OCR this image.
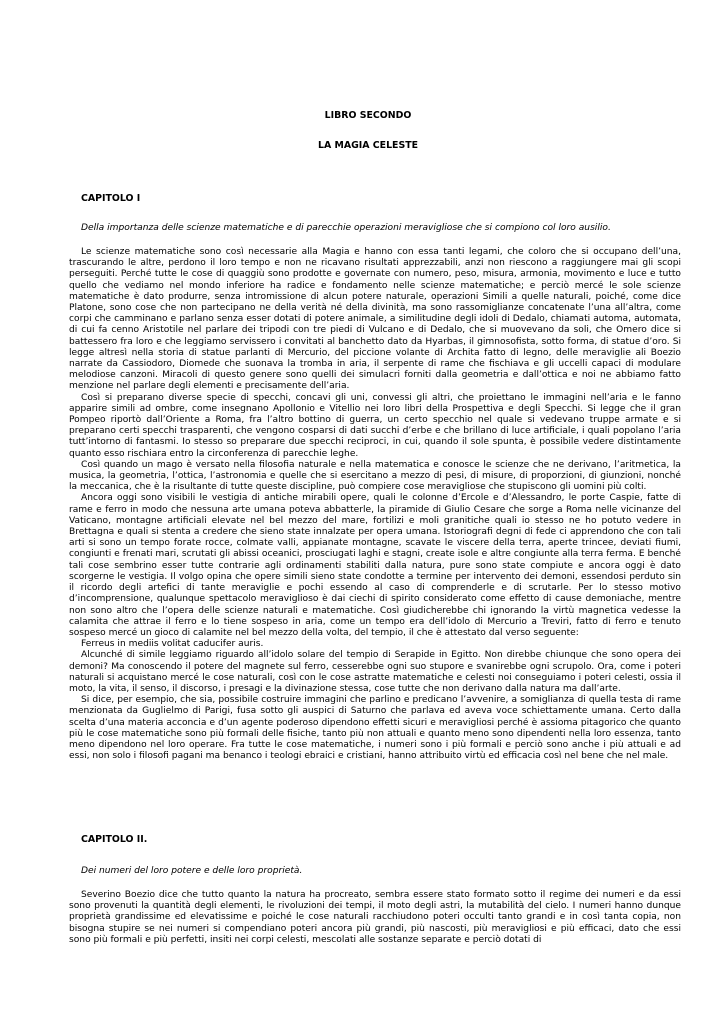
LIBRO SECONDO
LA MAGIA CELESTE
CAPITOLO I
Della importanza delle scienze matematiche e di parecchie operazioni meravigliose che si compiono col loro ausilio.

Le scienze matematiche sono così necessarie alla Magia e hanno con essa tanti legami, che coloro che si occupano dell’una, trascurando le altre, perdono il loro tempo e non ne ricavano risultati apprezzabili, anzi non riescono a raggiungere mai gli scopi perseguiti. Perché tutte le cose di quaggiù sono prodotte e governate con numero, peso, misura, armonia, movimento e luce e tutto quello che vediamo nel mondo inferiore ha radice e fondamento nelle scienze matematiche; e perciò mercé le sole scienze matematiche è dato produrre, senza intromissione di alcun potere naturale, operazioni Simili a quelle naturali, poiché, come dice Platone, sono cose che non partecipano ne della verità né della divinità, ma sono rassomiglianze concatenate l’una all’altra, come corpi che camminano e parlano senza esser dotati di potere animale, a similitudine degli idoli di Dedalo, chiamati automa, automata, di cui fa cenno Aristotile nel parlare dei tripodi con tre piedi di Vulcano e di Dedalo, che si muovevano da soli, che Omero dice si battessero fra loro e che leggiamo servissero i convitati al banchetto dato da Hyarbas, il gimnosofista, sotto forma, di statue d’oro. Si legge altresì nella storia di statue parlanti di Mercurio, del piccione volante di Archita fatto di legno, delle meraviglie ali Boezio narrate da Cassiodoro, Diomede che suonava la tromba in aria, il serpente di rame che fischiava e gli uccelli capaci di modulare melodiose canzoni. Miracoli di questo genere sono quelli dei simulacri forniti dalla geometria e dall’ottica e noi ne abbiamo fatto menzione nel parlare degli elementi e precisamente dell’aria.

Così si preparano diverse specie di specchi, concavi gli uni, convessi gli altri, che proiettano le immagini nell’aria e le fanno apparire simili ad ombre, come insegnano Apollonio e Vitellio nei loro libri della Prospettiva e degli Specchi. Si legge che il gran Pompeo riportò dall’Oriente a Roma, fra l’altro bottino di guerra, un certo specchio nel quale si vedevano truppe armate e si preparano certi specchi trasparenti, che vengono cosparsi di dati succhi d’erbe e che brillano di luce artificiale, i quali popolano l’aria tutt’intorno di fantasmi. Io stesso so preparare due specchi reciproci, in cui, quando il sole spunta, è possibile vedere distintamente quanto esso rischiara entro la circonferenza di parecchie leghe.

Così quando un mago è versato nella filosofia naturale e nella matematica e conosce le scienze che ne derivano, l’aritmetica, la musica, la geometria, l’ottica, l’astronomia e quelle che si esercitano a mezzo di pesi, di misure, di proporzioni, di giunzioni, nonché la meccanica, che è la risultante di tutte queste discipline, può compiere cose meravigliose che stupiscono gli uomini più colti.

Ancora oggi sono visibili le vestigia di antiche mirabili opere, quali le colonne d’Ercole e d’Alessandro, le porte Caspie, fatte di rame e ferro in modo che nessuna arte umana poteva abbatterle, la piramide di Giulio Cesare che sorge a Roma nelle vicinanze del Vaticano, montagne artificiali elevate nel bel mezzo del mare, fortilizi e moli granitiche quali io stesso ne ho potuto vedere in Brettagna e quali si stenta a credere che sieno state innalzate per opera umana. Istoriografi degni di fede ci apprendono che con tali arti si sono un tempo forate rocce, colmate valli, appianate montagne, scavate le viscere della terra, aperte trincee, deviati fiumi, congiunti e frenati mari, scrutati gli abissi oceanici, prosciugati laghi e stagni, create isole e altre congiunte alla terra ferma. E benché tali cose sembrino esser tutte contrarie agli ordinamenti stabiliti dalla natura, pure sono state compiute e ancora oggi è dato scorgerne le vestigia. Il volgo opina che opere simili sieno state condotte a termine per intervento dei demoni, essendosi perduto sin il ricordo degli artefici di tante meraviglie e pochi essendo al caso di comprenderle e di scrutarle. Per lo stesso motivo d’incomprensione, qualunque spettacolo meraviglioso è dai ciechi di spirito considerato come effetto di cause demoniache, mentre non sono altro che l’opera delle scienze naturali e matematiche. Così giudicherebbe chi ignorando la virtù magnetica vedesse la calamita che attrae il ferro e lo tiene sospeso in aria, come un tempo era dell’idolo di Mercurio a Treviri, fatto di ferro e tenuto sospeso mercé un gioco di calamite nel bel mezzo della volta, del tempio, il che è attestato dal verso seguente:

Ferreus in mediis volitat caducifer auris.

Alcunché di simile leggiamo riguardo all’idolo solare del tempio di Serapide in Egitto. Non direbbe chiunque che sono opera dei demoni? Ma conoscendo il potere del magnete sul ferro, cesserebbe ogni suo stupore e svanirebbe ogni scrupolo. Ora, come i poteri naturali si acquistano mercé le cose naturali, così con le cose astratte matematiche e celesti noi conseguiamo i poteri celesti, ossia il moto, la vita, il senso, il discorso, i presagi e la divinazione stessa, cose tutte che non derivano dalla natura ma dall’arte.

Si dice, per esempio, che sia, possibile costruire immagini che parlino e predicano l’avvenire, a somiglianza di quella testa di rame menzionata da Guglielmo di Parigi, fusa sotto gli auspici di Saturno che parlava ed aveva voce schiettamente umana. Certo dalla scelta d’una materia acconcia e d’un agente poderoso dipendono effetti sicuri e meravigliosi perché è assioma pitagorico che quanto più le cose matematiche sono più formali delle fisiche, tanto più non attuali e quanto meno sono dipendenti nella loro essenza, tanto meno dipendono nel loro operare. Fra tutte le cose matematiche, i numeri sono i più formali e perciò sono anche i più attuali e ad essi, non solo i filosofi pagani ma benanco i teologi ebraici e cristiani, hanno attribuito virtù ed efficacia così nel bene che nel male.

CAPITOLO II.
Dei numeri del loro potere e delle loro proprietà.

Severino Boezio dice che tutto quanto la natura ha procreato, sembra essere stato formato sotto il regime dei numeri e da essi sono provenuti la quantità degli elementi, le rivoluzioni dei tempi, il moto degli astri, la mutabilità del cielo. I numeri hanno dunque proprietà grandissime ed elevatissime e poiché le cose naturali racchiudono poteri occulti tanto grandi e in così tanta copia, non bisogna stupire se nei numeri si compendiano poteri ancora più grandi, più nascosti, più meravigliosi e più efficaci, dato che essi sono più formali e più perfetti, insiti nei corpi celesti, mescolati alle sostanze separate e perciò dotati di
